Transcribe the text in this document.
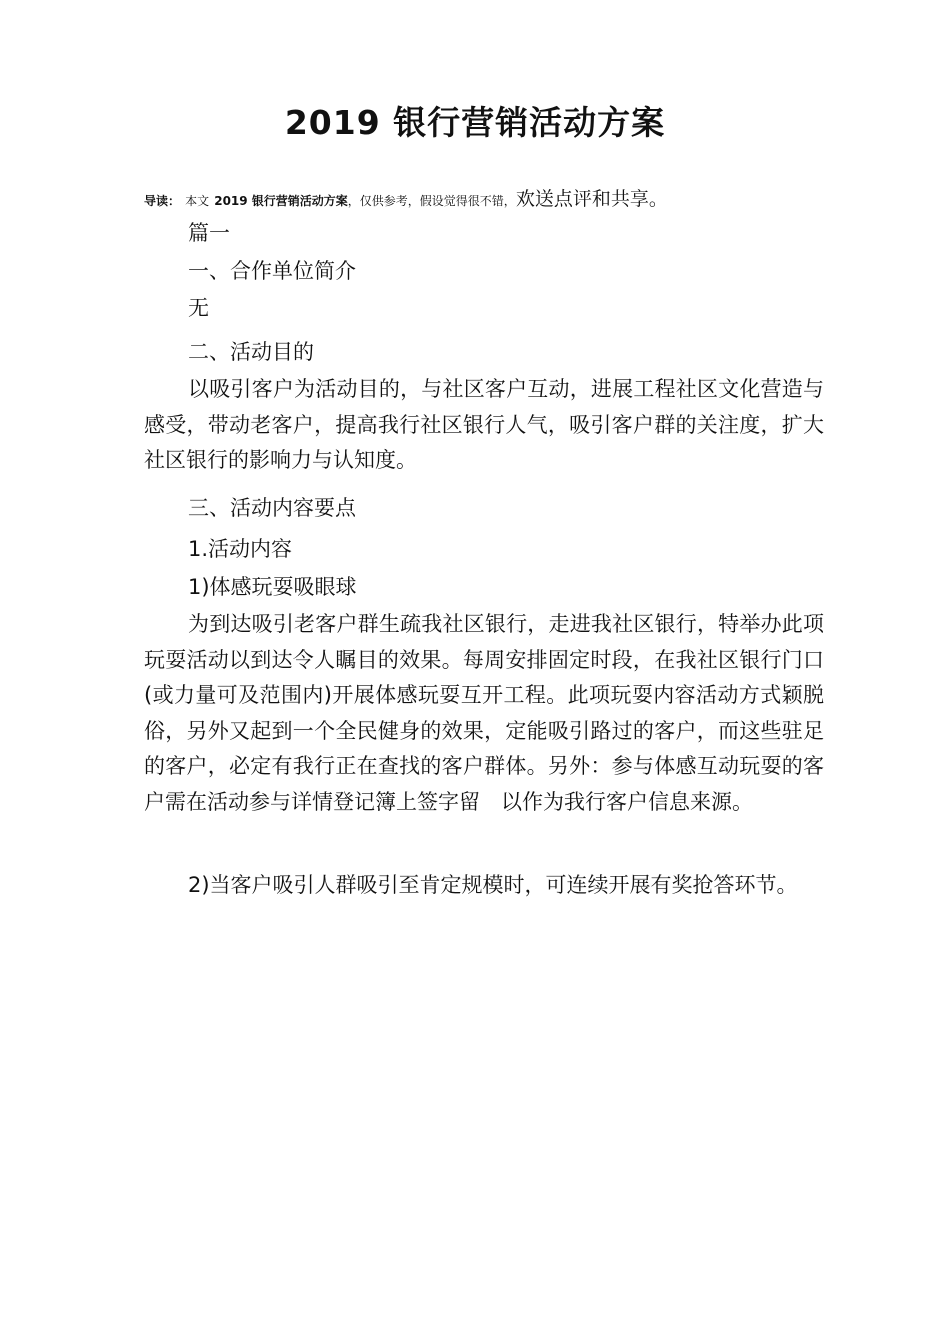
2019 银行营销活动方案
导读： 本文 2019 银行营销活动方案，仅供参考，假设觉得很不错，欢送点评和共享。
篇一
一、合作单位简介
无
二、活动目的

以吸引客户为活动目的，与社区客户互动，进展工程社区文化营造与感受，带动老客户，提高我行社区银行人气，吸引客户群的关注度，扩大社区银行的影响力与认知度。

三、活动内容要点
1.活动内容
1)体感玩耍吸眼球

为到达吸引老客户群生疏我社区银行，走进我社区银行，特举办此项玩耍活动以到达令人瞩目的效果。每周安排固定时段，在我社区银行门口(或力量可及范围内)开展体感玩耍互开工程。此项玩耍内容活动方式颖脱俗，另外又起到一个全民健身的效果，定能吸引路过的客户，而这些驻足的客户，必定有我行正在查找的客户群体。另外：参与体感互动玩耍的客户需在活动参与详情登记簿上签字留　以作为我行客户信息来源。

2)当客户吸引人群吸引至肯定规模时，可连续开展有奖抢答环节。
